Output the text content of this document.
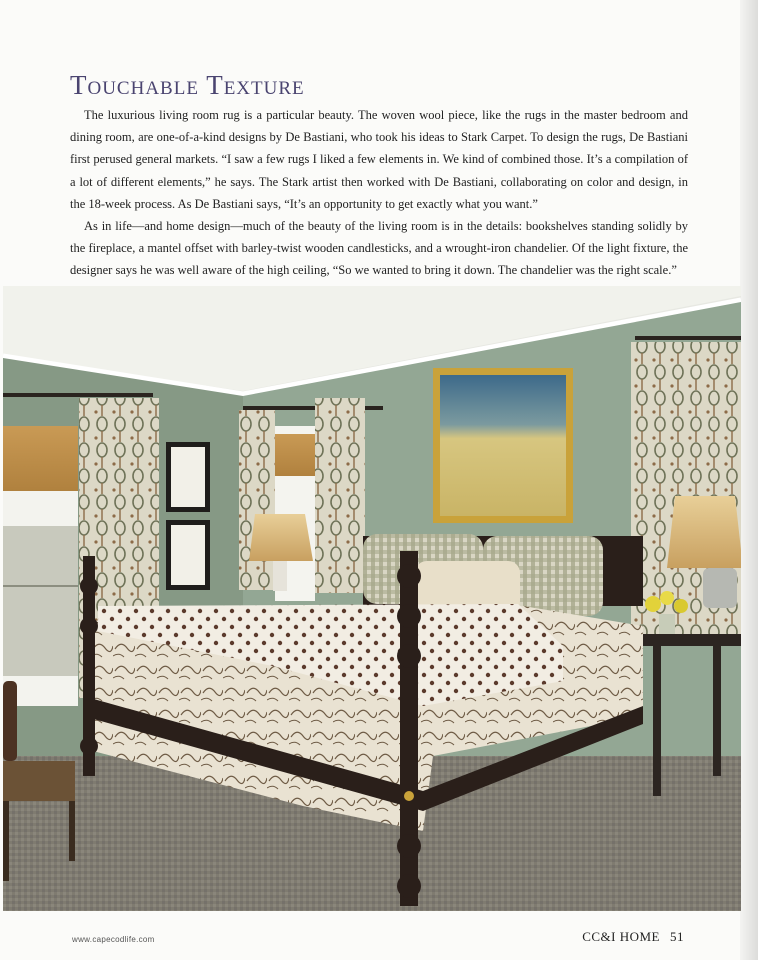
Touchable Texture

The luxurious living room rug is a particular beauty. The woven wool piece, like the rugs in the master bedroom and dining room, are one-of-a-kind designs by De Bastiani, who took his ideas to Stark Carpet. To design the rugs, De Bastiani first perused general markets. “I saw a few rugs I liked a few elements in. We kind of combined those. It’s a compilation of a lot of different elements,” he says. The Stark artist then worked with De Bastiani, collaborating on color and design, in the 18-week process. As De Bastiani says, “It’s an opportunity to get exactly what you want.”

As in life—and home design—much of the beauty of the living room is in the details: bookshelves standing solidly by the fireplace, a mantel offset with barley-twist wooden candlesticks, and a wrought-iron chandelier. Of the light fixture, the designer says he was well aware of the high ceiling, “So we wanted to bring it down. The chandelier was the right scale.”

www.capecodlife.com	CC&I HOME 51
